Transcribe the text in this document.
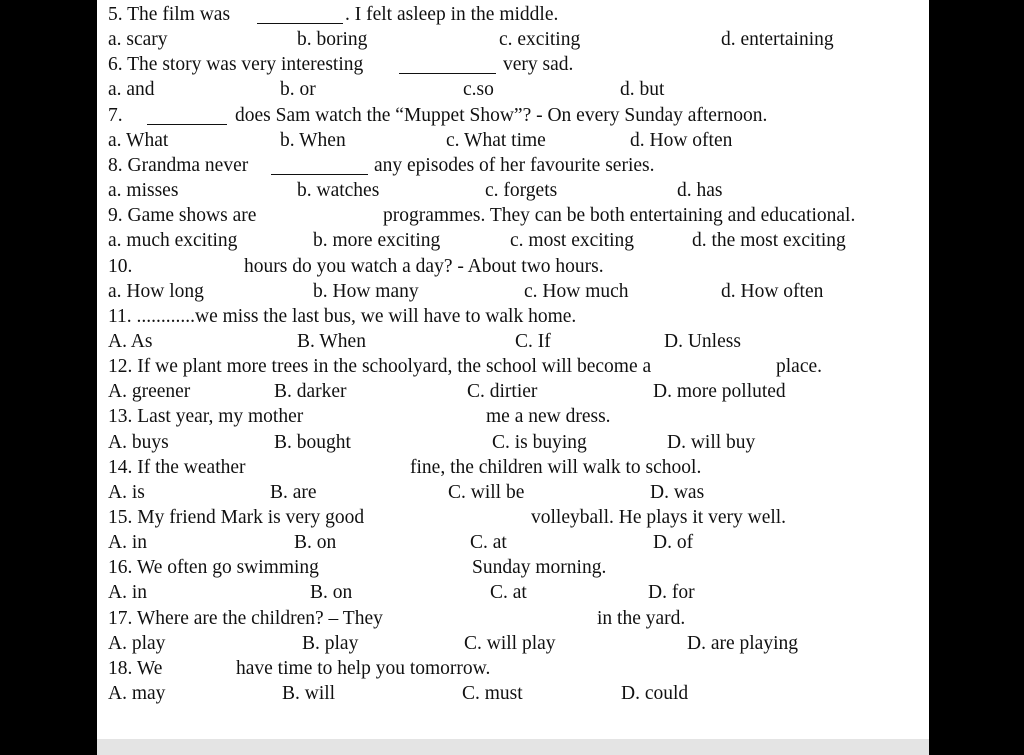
5. The film was	. I felt asleep in the middle.
a. scary	b. boring	c. exciting	d. entertaining
6. The story was very interesting	very sad.
a. and	b. or	c.so	d. but
7.	does Sam watch the “Muppet Show”? - On every Sunday afternoon.
a. What	b. When	c. What time	d. How often
8. Grandma never	any episodes of her favourite series.
a. misses	b. watches	c. forgets	d. has
9. Game shows are	programmes. They can be both entertaining and educational.
a. much exciting	b. more exciting	c. most exciting	d. the most exciting
10.	hours do you watch a day? - About two hours.
a. How long	b. How many	c. How much	d. How often
11. ............we miss the last bus, we will have to walk home.
A. As	B. When	C. If	D. Unless
12. If we plant more trees in the schoolyard, the school will become a	place.
A. greener	B. darker	C. dirtier	D. more polluted
13. Last year, my mother	me a new dress.
A. buys	B. bought	C. is buying	D. will buy
14. If the weather	fine, the children will walk to school.
A. is	B. are	C. will be	D. was
15. My friend Mark is very good	volleyball. He plays it very well.
A. in	B. on	C. at	D. of
16. We often go swimming	Sunday morning.
A. in	B. on	C. at	D. for
17. Where are the children? – They	in the yard.
A. play	B. play	C. will play	D. are playing
18. We	have time to help you tomorrow.
A. may	B. will	C. must	D. could
